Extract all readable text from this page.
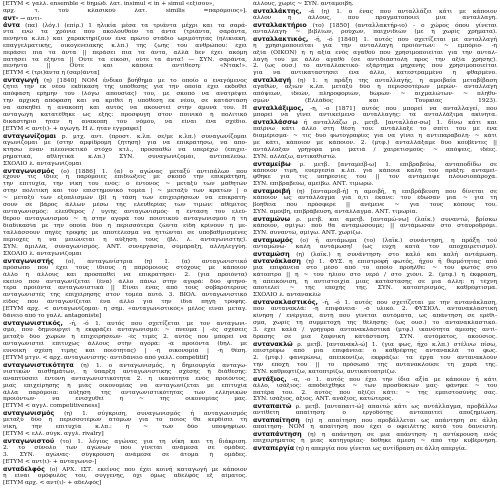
[ΕΤΥΜ < γαλλ. ensemble < δημώδ. λατ. insimul < in + simul «εξίσου»,
αρχ. τ. τού κλασικού λατ. similis =παρόμοιος»].
αντ- → αντι-
άντα (πα) (λόγ.) (επίρ.) 1 ηλικία μέσα τα τριάντα μέχρι και τα σαρά-
ντα ενώ τα χρόνια που ακολουθούν τα άντα (τριάντα, σαράντα,
πενήντα κ.λπ.) και χαρακτηρίζουν ένα πρώτο στάδιο ωριμότητας (ηλικιακή,
επαγγελματικής, οικογενειακής κ.λπ.) της ζωής του ανθρώπου: έχει
περάσει πια τα άντα || περάσει πια τα άντα, αλλά δεν έχει ακόμη
πατήσει τα εξήντα || Ούτε τα είκοσι, ούτε τα άντα! — ΣΥΝ. σαράντα,
πενήντα || Ούτε και κάποια αντίθεση: «Ντακ!».
[ΕΤΥΜ < (τρι)άντα ή (σαρ)άντα]
ανταγωγή (η) [1840] ΝΟΜ ένδικο βοήθημα με το οποίο ο εναγόμενος
ζητεί την εκ νέου εκδίκαση της υπόθεσης για την οποία έχει εκδοθεί
απόφαση ερήμην του (λόγω απουσίας) του, με σκοπό να ανατρέψει
την αρχική απόφαση και να κριθεί η υπόθεση εκ νέου, σε κατάσταση
να ασκηθεί η ανακοπή και αυτός να ακουστεί στην άμυνά του. Η
ανταγωγή κατατέθηκε ως εξής: προσφυγή στον ποινικό ή πολιτικό
δικαστήριο ήταν η ανακοπή του νόμου, να είναι ένα σχέδιο.
[ΕΤΥΜ < αντ(ι)- + αγωγή. Η λ. ήταν εγγραφεί]
ανταγωνίζομαι p. μτχ. αντ. (προστ. κ.λπ. σε/με κ.λπ.) συναγωνίζομαι
αγωνίζομαι με (στην αμφίδρομη ζήτηση) για να επικρατήσω, να απο-
κτήσω έναν πλεονεκτικό στόχο κτλ., προσπαθώ να υπερέχω (επιχει-
ρηματικά, αθλητικά κ.λπ.) ΣΥΝ. συναγωνίζομαι, αντιπαλεύω.
ΣΧΟΛΙΟ λ. ανταγωνίζομαι
ανταγωνισμός (ο) [1886] 1. (α) ο αγώνας μεταξύ αντιπάλων που
έχουν τις ίδιες ή παρόμοιες επιδιώξεις με σκοπό την επικράτηση,
την επιτυχία, την νίκη του ενός: ο έντονος ~ μεταξύ των μαθητών
στην πολιτική και τον επιστημονικό τομέα | ~ μεταξύ των κρατών | ο
~ μεταξύ των εξοπλισμών (β) η τάση των επιχειρήσεων να επικρατή-
σουν σε βάρος άλλων μέσω της ελευθερίας των τιμών: αθέμιτος
ανταγωνισμός: ελεύθερος / υγιής ανταγωνισμός· η ένταση του ελεύ-
θερου ανταγωνισμού ~ ή στην αγορά του ποιοτικού ανταγωνισμού ή τη
διαδικασία με την οποία δύο ή περισσότερα ζώντα είδη κρίνουν ή με-
ταλλάσσουν πηγές τροφής με αποτέλεσμα να ηττώνται σε υποβαθμισμένες
περιοχές ή να μειώνεται η αύξησή τους (βλ. λ. ανταγωνιστής).
ΣΥΝ. άμιλλα, συναγωνισμός. ΑΝΤ. συνεργασία, σύμπραξη, αλληλεγγύη.
ΣΧΟΛΙΟ λ. ανταγωνίζομαι
ανταγωνιστής (ο), ανταγωνίστρια (η) 1. (α) ανταγωνιστικό
πρόσωπο που έχει τους ίδιους ή παρόμοιους στόχους με κάποιον
άλλο ή άλλους και προσπαθεί να επικρατήσει· 2. (για προϊόντα)
εκείνο που ανταγωνίζεται (ένα) άλλο πάνω στην αγορά: δύο φτηνό-
τερα προϊόντα ανταγωνιστικά || Είναι ένας από τους σοβαρότερους
ανταγωνιστές της επιχείρησης στον τομέα αυτό. 3. ΒΙΟΛ. ανταγωνιστικό
είδος που ανταγωνίζεται ένα άλλο για την ίδια πηγή τροφής.
[ΕΤΥΜ αρχ. < ανταγωνίζομαι· η σημ. «ανταγωνιστικός» μέλος είναι μεταγ.
δάνειο από το γαλλ. antagoniste]
ανταγωνιστικός, -ή, -ό 1. αυτός που σχετίζεται με τον ανταγωνι-
σμό, που δημιουργεί ή εκφράζει ανταγωνισμό: ~ πνεύμα | -ές σχέσεις
μεταξύ δύο χωρών ή επιχειρήσεων· -ές τιμές 2. αυτός που μπορεί να
ανταγωνιστεί επιτυχώς άλλους στην αγορά: -ά προϊόντα (δηλ. με
ευνοϊκή σχέση τιμής και ποιότητας) | -ή οικονομία | -ή θέση.
[ΕΤΥΜ μτγν. < αρχ. ανταγωνιστής· αντιδάνειο από γαλλ. compétitif]
ανταγωνιστικότητα (η) 1. ο ανταγωνισμός, η δημιουργία ανταγω-
νιστικών αισθημάτων, η ύπαρξη ανταγωνιστικής σχέσης ή διάθεσης:
αναπτύσσει έντονη ανταγωνιστικότητα 2. η ικανότητα ενός προϊόντος,
μιας επιχείρησης ή μιας οικονομίας να ανταγωνίζεται με επιτυχία
άλλα παρόμοια: αύξηση της ανταγωνιστικότητας των ελληνικών
προϊόντων· να ενισχυθεί η ~ της οικονομίας μας.
[ΕΤΥΜ < αγγλ. competitiveness]
ανταγωνισμός (η) 1. σύγκριση, συναγωνισμός ή ανταγωνισμός
μεταξύ δύο ή περισσοτέρων ατόμων για το ποιος θα κερδίσει τη
νίκη, την επιτυχία κ.λπ.: η ~ των δύο υποψηφίων.
[ΕΤΥΜ < ελλ. σύγκ. αγγλ. rivalry]
ανταγωνιστού (το) 1. λόγιος αγώνας για τη νίκη και τη διάκριση.
2. το σύνολο των αγώνων που γίνεται ανάμεσα σε ομάδες.
3. ΣΥΝ. αγώνας· σύγκρουση ανάμεσα σε άτομα ή ομάδες.
[ΕΤΥΜ < αντ(ι)- + ανταγωνισ-]
ανταδελφός (ο) ΑΡΧ. ΙΣΤ. εκείνος που έχει κοινή καταγωγή με κάποιον
ή είναι ομόφυλός του, συγγενής, όχι όμως αδελφός εξ αίματος.
[ΕΤΥΜ αρχ. < αντ(ι)- + αδελφός]
άλλους, χωρίς ~ ΣΥΝ. ανταμοιβή.
ανταλλάκτης, -ά (η) 1. ο ένας που ανταλλάζει κάτι με κάποιον
άλλον ή άλλους, που πραγματοποιεί μια ανταλλαγή.
ανταλλακτήριο (το) [1850] (ανταλλακτήρ-ιο) - ο χώρος όπου γίνεται
ανταλλαγή· ~ βιβλίων, ρούχων, παιχνιδιών (με ή χωρίς χρήματα).
ανταλλακτικός, -ή, -ό [1840] 1. αυτός που σχετίζεται με ανταλλαγή
ή χρησιμοποιείται για την ανταλλαγή προϊόντων: ~ εμπόριο· -ή
αξία (ΟΙΚΟΝ) ή η αξία ενός αγαθού που χρησιμοποιείται για την ανταλ-
λαγή του με άλλο αγαθό (σε αντιδιαστολή προς την αξία χρήσης).
2. (ως ουσ.) το ανταλλακτικό· εξάρτημα μηχανής που χρησιμοποιείται
για να αντικαταστήσει ένα άλλο, κατεστραμμένο ή φθαρμένο.
ανταλλαγή (η) 1. η πράξη της ανταλλαγής, η αμοιβαία μεταβίβαση
αγαθών, αξιών κ.λπ. μεταξύ δύο ή περισσοτέρων μερών· ανταλλαγή
απόψεων, ιδεών, πληροφοριών, δώρων· ~ αιχμαλώτων· ~ πληθυ-
σμών (Ελλάδος και Τουρκίας 1923).
ανταλλάξιμος, -η, -ο [1871] αυτός που μπορεί να ανταλλαγεί, που
μπορεί να γίνει αντικείμενο ανταλλαγής: τα ανταλλάξιμα ακίνητα.
ανταλλάσσω ή ανταλλάζω ρ. μετβ. [ανταλλάσ-σω] 1. δίνω κάτι και
παίρνω κάτι άλλο στη θέση του: αντάλλαξε το σπίτι του με ένα
διαμέρισμα· ~ τις δυο φωτογραφίες για να γίνει η αντιπαραβολή· ~ κάτι
με κάτι, κάποιον με κάποιον. 2. (μτφ.) ανταλλάξαμε δυο κουβέντες ||
αντάλλαξαν γρήγορα μια ματιά / χαιρετισμούς· ~ απόψεις, ιδέες.
ΣΥΝ. αλλάζω, αντικαθιστώ.
ανταμείβω ρ. μετβ. [ανταμείβ-ω] 1. επιβραβεύω, ανταποδίδω σε
κάποιον τιμή, ευεργεσία κ.λπ. για κάποια καλή του πράξη: ανταμεί-
φθηκε για τις υπηρεσίες του || τον αντάμειψε πλουσιοπάροχα.
ΣΥΝ. επιβραβεύω, αμείβω. ΑΝΤ. τιμωρώ.
ανταμοιβή (η) [ανταμοιβ-ή] η αμοιβή, η επιβράβευση που δίνεται σε
κάποιον ως αντάλλαγμα για ό,τι έκανε: του έδωσαν μια ~ για τη
βοήθεια που πρόσφερε || ανέμενε ~ για τους κόπους του.
ΣΥΝ. αμοιβή, επιβράβευση, αντάλλαγμα. ΑΝΤ. τιμωρία.
ανταμώνω ρ. μετβ. και αμετβ. [ανταμώ-νω] (λαϊκ.) συναντώ, βρίσκω
κάποιον, σμίγω: πού θα ανταμώσουμε; || αντάμωσαν στο σταυροδρόμι.
ΣΥΝ. συναντώ, σμίγω. ΑΝΤ. χωρίζω.
ανταμωμός (ο) ή αντάμωμα (το) (λαϊκ.) συνάντηση, η πράξη τού
ανταμώνω· καλή αντάμωση! (ως ευχή κατά τον αποχαιρετισμό).
ανταμώση (η) (λαϊκ.) η συνάντηση· στο καλό και καλή αντάμωση.
αντανάκλαση (η) 1. ΦΥΣ. η επιστροφή φωτός, ήχου ή θερμότητας από
μια επιφάνεια στο μέσο από το οποίο προήλθε: ~ του φωτός στο
κάτοπτρο || η ~ του ήλιου στο νερό / στο χιόνι. 2. (μτφ.) η έκφραση,
η απεικόνιση, η αντιστοιχία μιας κατάστασης σε μια άλλη: η τέχνη
αποτελεί ~ της εποχής της. ΣΥΝ. κατοπτρισμός, καθρέφτισμα.
ΣΧΟΛΙΟ λ. αντανακλώ
αντανακλαστικός, -ή, -ό 1. αυτός που σχετίζεται με την αντανάκλαση,
που αντανακλά: -ή επιφάνεια· -ό υλικό. 2. ΦΥΣΙΟΛ. αντανακλαστική
κίνηση / ενέργεια, αυτή που γίνεται αυτόματα, ως απάντηση σε ερέθι-
σμα, χωρίς τη συμμετοχή της θέλησης· (ως ουσ.) το αντανακλαστικό.
3. έχει καλά / γρήγορα αντανακλαστικά (μτφ.) ικανότητα άμεσης αντί-
δρασης σε μια ξαφνική κατάσταση. ΣΥΝ. αυτόματος, ακούσιος.
αντανακλώ ρ. μετβ. [αντανακλ-ώ] 1. (για φως, ήχο κ.λπ.) στέλνω πίσω,
επιστρέφω από μια επιφάνεια: ο καθρέφτης αντανακλά το φως.
2. (μτφ.) φανερώνω, απεικονίζω, εκφράζω: τα έργα του αντανακλούν
την εποχή του || το πρόσωπό της αντανακλούσε τη χαρά της.
ΣΥΝ. καθρεφτίζω, κατοπτρίζω, αντικατοπτρίζω.
αντάξιος, -α, -ο 1. αυτός που έχει την ίδια αξία με κάποιον ή κάτι
άλλο, ισάξιος: αποδείχθηκε ~ των προσδοκιών μας· φάνηκε ~ του
πατέρα του. 2. αυτός που αξίζει κάτι: ~ της εμπιστοσύνης σας.
ΣΥΝ. ισάξιος, άξιος. ΑΝΤ. ανάξιος, κατώτερος.
ανταπαιτώ ρ. μετβ. [ανταπαιτ-ώ] απαιτώ κάτι ως αντάλλαγμα, προβάλλω
αντίθετη απαίτηση: ο εργοδότης ανταπαιτεί αποζημίωση.
ανταπαίτηση (η) η απαίτηση που προβάλλεται ως απάντηση σε άλλη
απαίτηση· ΝΟΜ η απαίτηση που έχει ο οφειλέτης κατά του δανειστή.
ανταπάντηση (η) η απάντηση σε μια απάντηση· η αντίκρουση ενός
επιχειρήματος ή μιας κατηγορίας· δόθηκε άμεση ~ από την κυβέρνηση.
ανταπεργία (η) η απεργία που γίνεται ως αντίδραση σε άλλη απεργία.
